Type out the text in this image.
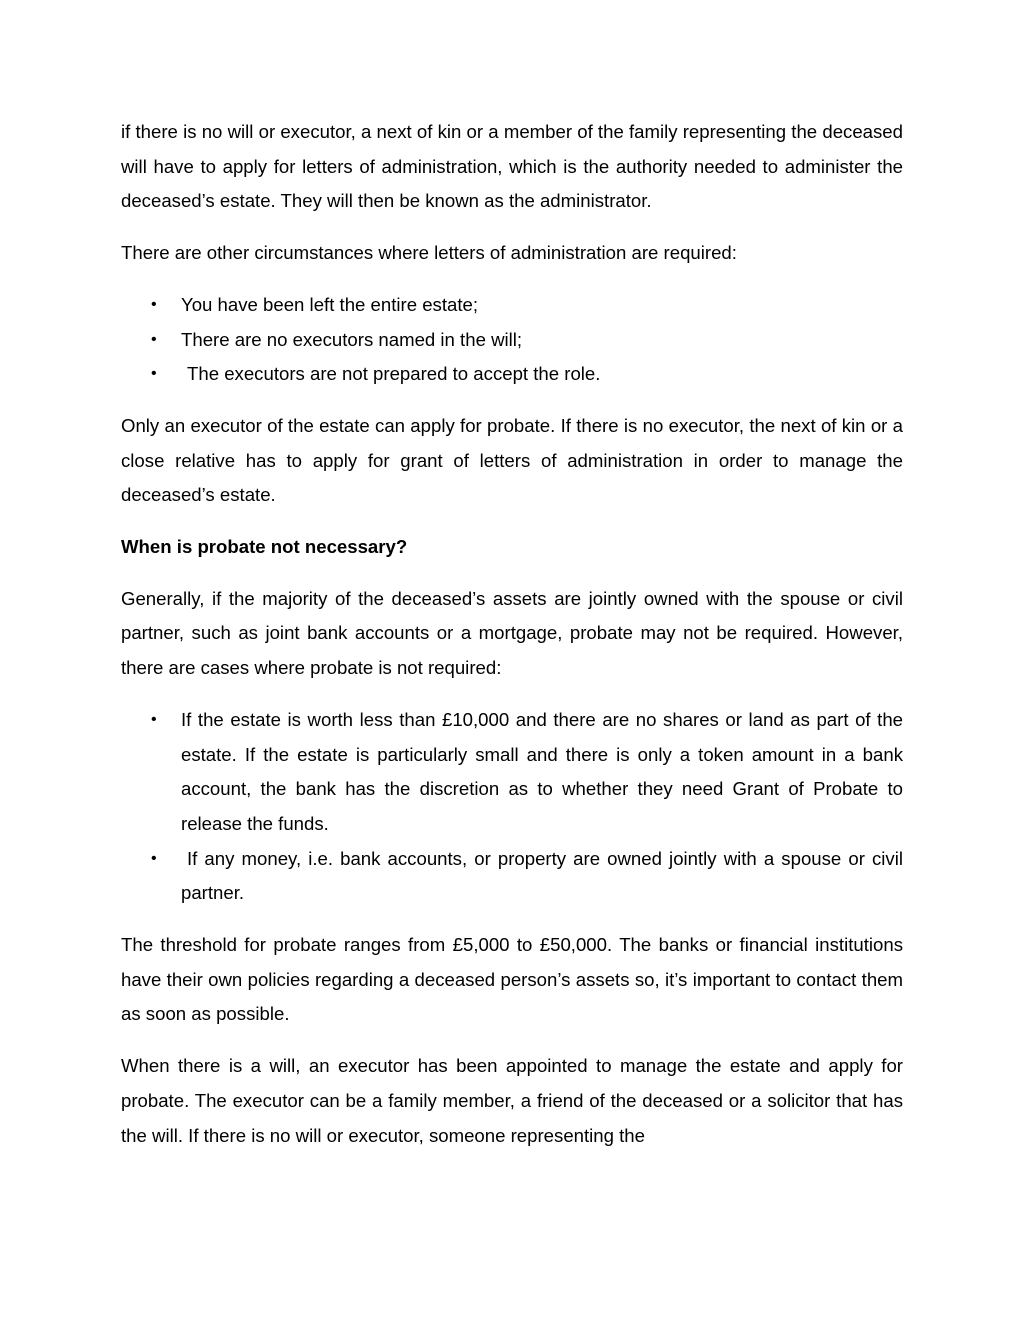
if there is no will or executor, a next of kin or a member of the family representing the deceased will have to apply for letters of administration, which is the authority needed to administer the deceased’s estate. They will then be known as the administrator.

There are other circumstances where letters of administration are required:

• You have been left the entire estate;
• There are no executors named in the will;
• The executors are not prepared to accept the role.

Only an executor of the estate can apply for probate. If there is no executor, the next of kin or a close relative has to apply for grant of letters of administration in order to manage the deceased’s estate.

When is probate not necessary?

Generally, if the majority of the deceased’s assets are jointly owned with the spouse or civil partner, such as joint bank accounts or a mortgage, probate may not be required. However, there are cases where probate is not required:

• If the estate is worth less than £10,000 and there are no shares or land as part of the estate. If the estate is particularly small and there is only a token amount in a bank account, the bank has the discretion as to whether they need Grant of Probate to release the funds.
• If any money, i.e. bank accounts, or property are owned jointly with a spouse or civil partner.

The threshold for probate ranges from £5,000 to £50,000. The banks or financial institutions have their own policies regarding a deceased person’s assets so, it’s important to contact them as soon as possible.

When there is a will, an executor has been appointed to manage the estate and apply for probate. The executor can be a family member, a friend of the deceased or a solicitor that has the will. If there is no will or executor, someone representing the
